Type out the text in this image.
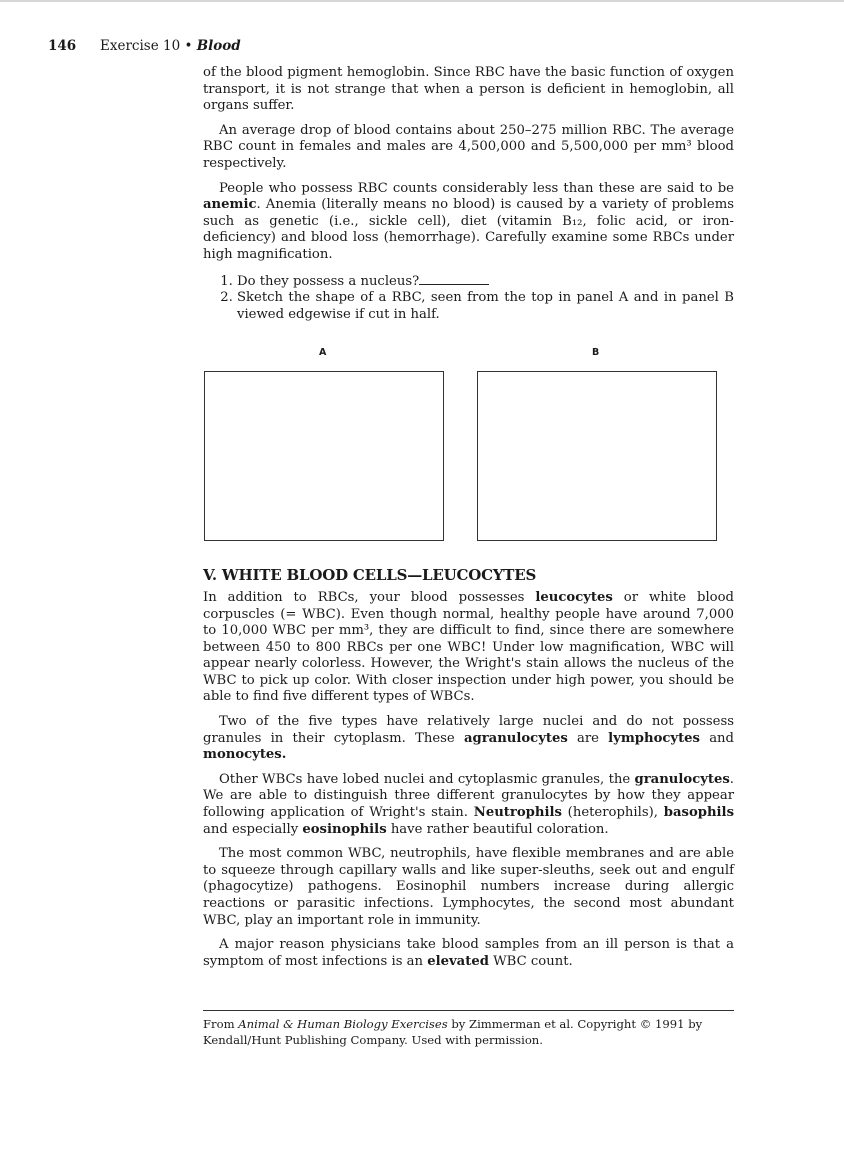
146 Exercise 10 • Blood

of the blood pigment hemoglobin. Since RBC have the basic function of oxygen transport, it is not strange that when a person is deficient in hemoglobin, all organs suffer.

An average drop of blood contains about 250–275 million RBC. The average RBC count in females and males are 4,500,000 and 5,500,000 per mm³ blood respectively.

People who possess RBC counts considerably less than these are said to be anemic. Anemia (literally means no blood) is caused by a variety of problems such as genetic (i.e., sickle cell), diet (vitamin B₁₂, folic acid, or iron-deficiency) and blood loss (hemorrhage). Carefully examine some RBCs under high magnification.

1. Do they possess a nucleus?
2. Sketch the shape of a RBC, seen from the top in panel A and in panel B viewed edgewise if cut in half.
A	B
V. WHITE BLOOD CELLS—LEUCOCYTES

In addition to RBCs, your blood possesses leucocytes or white blood corpuscles (= WBC). Even though normal, healthy people have around 7,000 to 10,000 WBC per mm³, they are difficult to find, since there are somewhere between 450 to 800 RBCs per one WBC! Under low magnification, WBC will appear nearly colorless. However, the Wright's stain allows the nucleus of the WBC to pick up color. With closer inspection under high power, you should be able to find five different types of WBCs.

Two of the five types have relatively large nuclei and do not possess granules in their cytoplasm. These agranulocytes are lymphocytes and monocytes.

Other WBCs have lobed nuclei and cytoplasmic granules, the granulocytes. We are able to distinguish three different granulocytes by how they appear following application of Wright's stain. Neutrophils (heterophils), basophils and especially eosinophils have rather beautiful coloration.

The most common WBC, neutrophils, have flexible membranes and are able to squeeze through capillary walls and like super-sleuths, seek out and engulf (phagocytize) pathogens. Eosinophil numbers increase during allergic reactions or parasitic infections. Lymphocytes, the second most abundant WBC, play an important role in immunity.

A major reason physicians take blood samples from an ill person is that a symptom of most infections is an elevated WBC count.

From Animal & Human Biology Exercises by Zimmerman et al. Copyright © 1991 by Kendall/Hunt Publishing Company. Used with permission.
